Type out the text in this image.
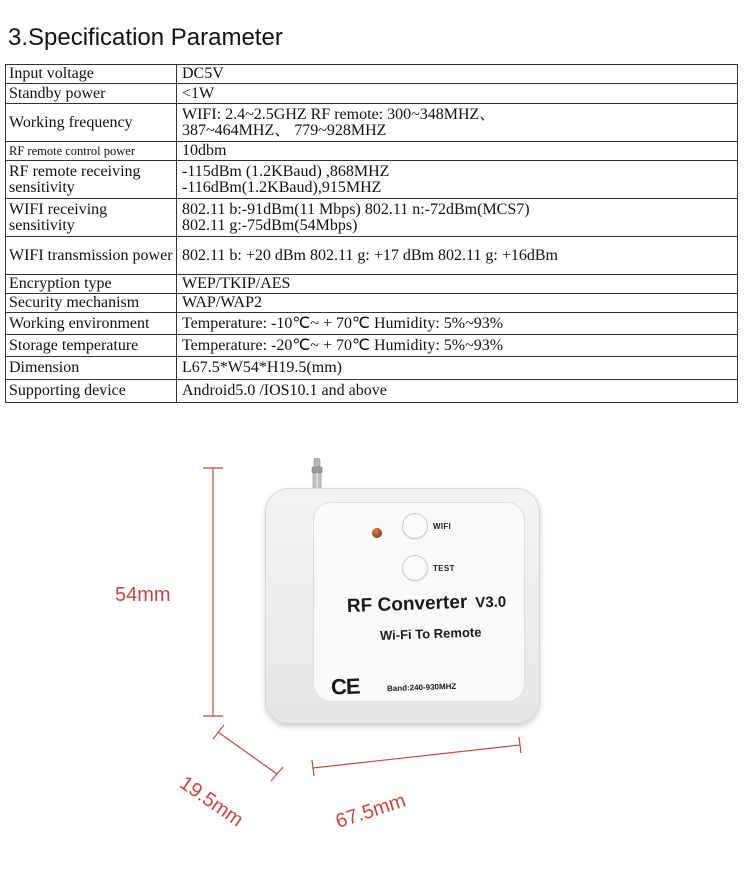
3.Specification Parameter
Input voltage	DC5V

Standby power	<1W

Working frequency	WIFI: 2.4~2.5GHZ RF remote: 300~348MHZ、
387~464MHZ、 779~928MHZ

RF remote control power	10dbm

RF remote receiving sensitivity	-115dBm (1.2KBaud) ,868MHZ
-116dBm(1.2KBaud),915MHZ

WIFI receiving sensitivity	802.11 b:-91dBm(11 Mbps) 802.11 n:-72dBm(MCS7)
802.11 g:-75dBm(54Mbps)

WIFI transmission power	802.11 b: +20 dBm 802.11 g: +17 dBm 802.11 g: +16dBm

Encryption type	WEP/TKIP/AES

Security mechanism	WAP/WAP2

Working environment	Temperature: -10℃~ + 70℃ Humidity: 5%~93%

Storage temperature	Temperature: -20℃~ + 70℃ Humidity: 5%~93%

Dimension	L67.5*W54*H19.5(mm)

Supporting device	Android5.0 /IOS10.1 and above
54mm
19.5mm	67.5mm
WIFI
TEST
RF Converter V3.0
Wi-Fi To Remote
CE	Band:240-930MHZ
